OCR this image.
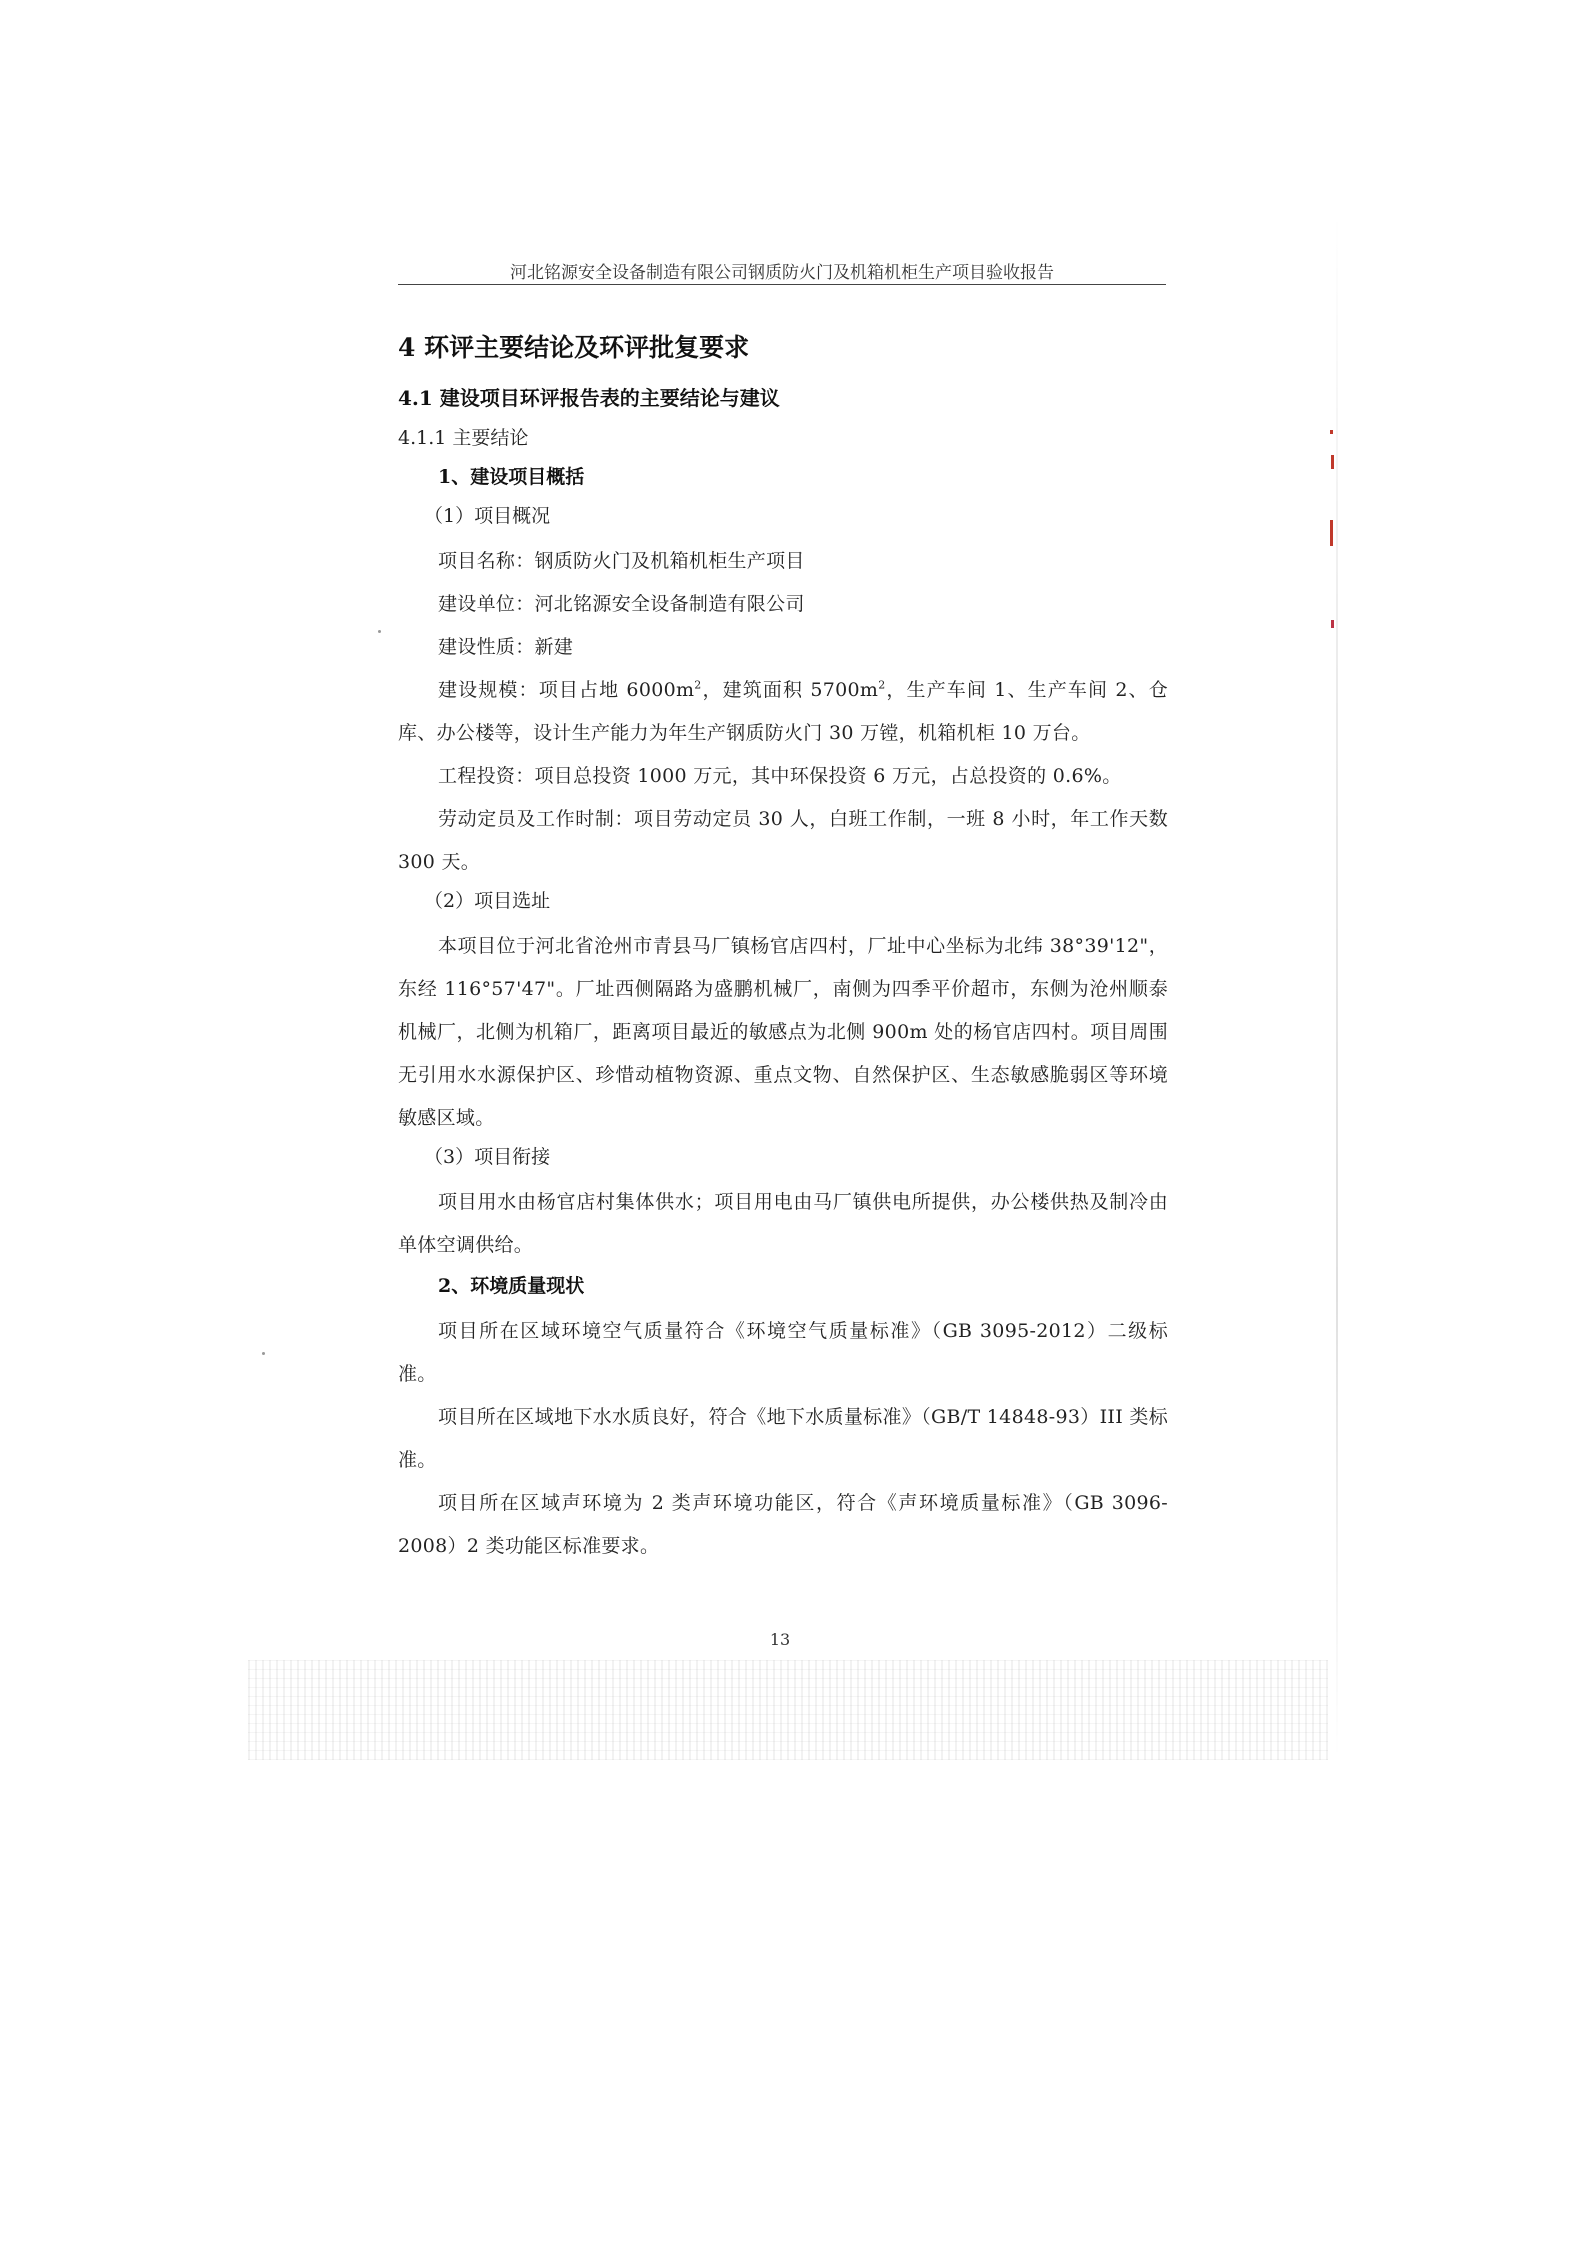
河北铭源安全设备制造有限公司钢质防火门及机箱机柜生产项目验收报告
4 环评主要结论及环评批复要求
4.1 建设项目环评报告表的主要结论与建议
4.1.1 主要结论
1、建设项目概括
（1）项目概况

项目名称：钢质防火门及机箱机柜生产项目

建设单位：河北铭源安全设备制造有限公司

建设性质：新建

建设规模：项目占地 $6000m^2$，建筑面积 $5700m^2$，生产车间 1、生产车间 2、仓库、办公楼等，设计生产能力为年生产钢质防火门 30 万镗，机箱机柜 10 万台。

工程投资：项目总投资 1000 万元，其中环保投资 6 万元，占总投资的 0.6%。

劳动定员及工作时制：项目劳动定员 30 人，白班工作制，一班 8 小时，年工作天数 300 天。

（2）项目选址

本项目位于河北省沧州市青县马厂镇杨官店四村，厂址中心坐标为北纬 38°39'12"，东经 116°57'47"。厂址西侧隔路为盛鹏机械厂，南侧为四季平价超市，东侧为沧州顺泰机械厂，北侧为机箱厂，距离项目最近的敏感点为北侧 900m 处的杨官店四村。项目周围无引用水水源保护区、珍惜动植物资源、重点文物、自然保护区、生态敏感脆弱区等环境敏感区域。

（3）项目衔接

项目用水由杨官店村集体供水；项目用电由马厂镇供电所提供，办公楼供热及制冷由单体空调供给。

2、环境质量现状

项目所在区域环境空气质量符合《环境空气质量标准》（GB 3095-2012）二级标准。

项目所在区域地下水水质良好，符合《地下水质量标准》（GB/T 14848-93）III 类标准。

项目所在区域声环境为 2 类声环境功能区，符合《声环境质量标准》（GB 3096-2008）2 类功能区标准要求。

13
